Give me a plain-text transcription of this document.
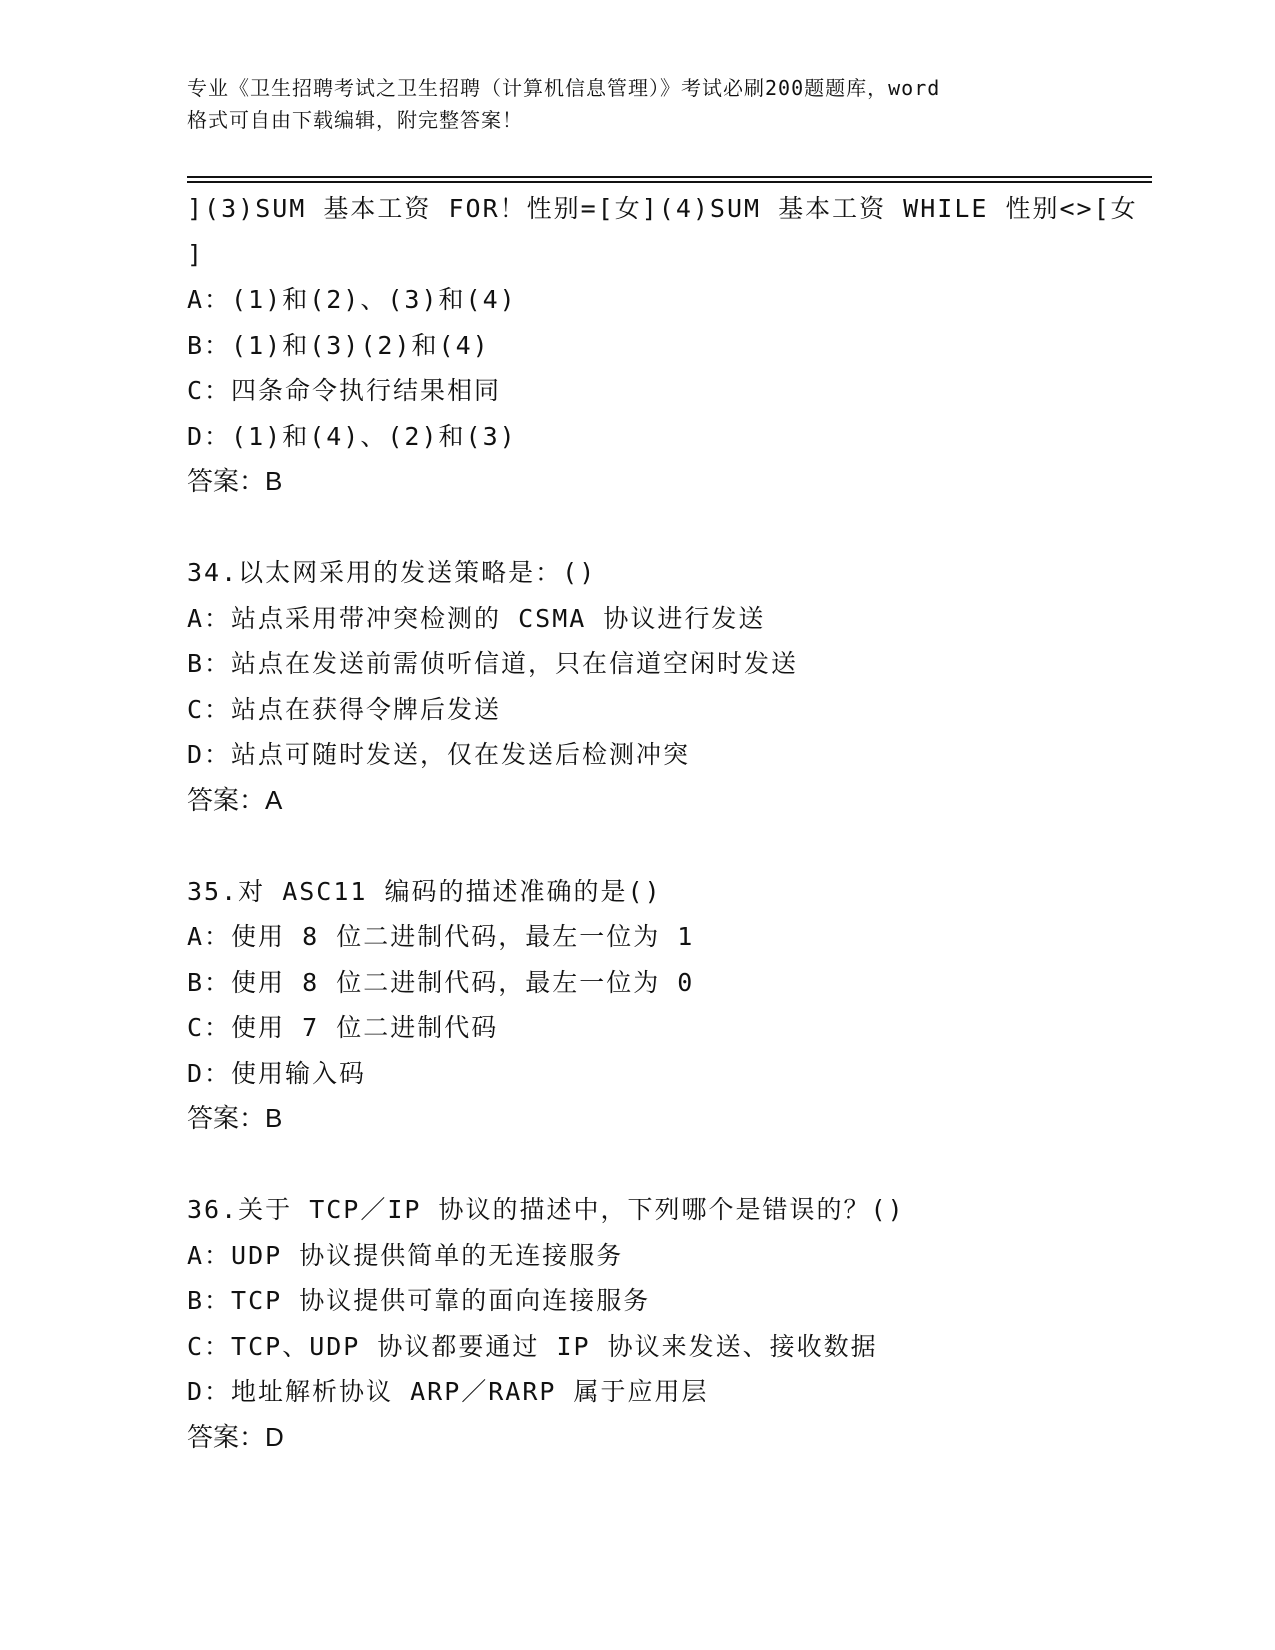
专业《卫生招聘考试之卫生招聘（计算机信息管理）》考试必刷200题题库，word
格式可自由下载编辑，附完整答案！
](3)SUM 基本工资 FOR！性别=[女](4)SUM 基本工资 WHILE 性别<>[女
]
A：(1)和(2)、(3)和(4)
B：(1)和(3)(2)和(4)
C：四条命令执行结果相同
D：(1)和(4)、(2)和(3)
答案：B
34.以太网采用的发送策略是：()
A：站点采用带冲突检测的 CSMA 协议进行发送
B：站点在发送前需侦听信道，只在信道空闲时发送
C：站点在获得令牌后发送
D：站点可随时发送，仅在发送后检测冲突
答案：A
35.对 ASC11 编码的描述准确的是()
A：使用 8 位二进制代码，最左一位为 1
B：使用 8 位二进制代码，最左一位为 0
C：使用 7 位二进制代码
D：使用输入码
答案：B
36.关于 TCP／IP 协议的描述中，下列哪个是错误的？()
A：UDP 协议提供简单的无连接服务
B：TCP 协议提供可靠的面向连接服务
C：TCP、UDP 协议都要通过 IP 协议来发送、接收数据
D：地址解析协议 ARP／RARP 属于应用层
答案：D
